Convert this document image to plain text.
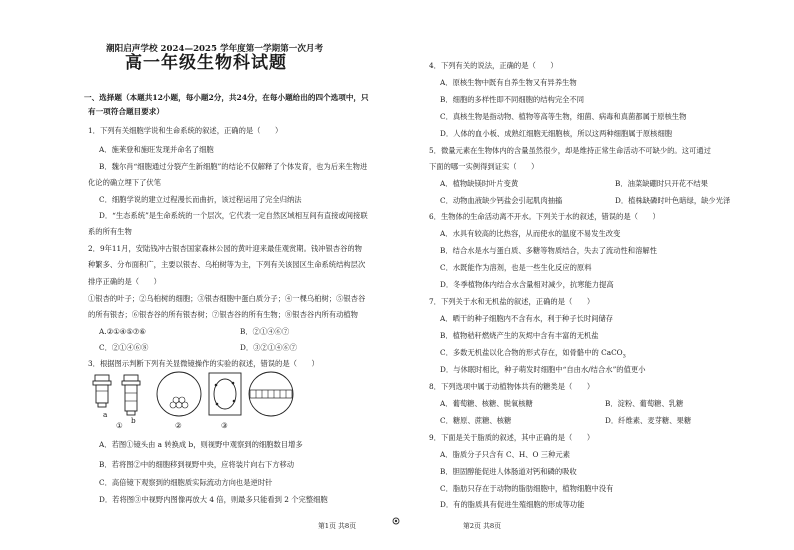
潮阳启声学校 2024—2025 学年度第一学期第一次月考
高一年级生物科试题
一、选择题（本题共12小题，每小题2分，共24分，在每小题给出的四个选项中，只
有一项符合题目要求）
1．下列有关细胞学说和生命系统的叙述，正确的是（　　）
A．施莱登和施旺发现并命名了细胞
B．魏尔肖“细胞通过分裂产生新细胞”的结论不仅解释了个体发育，也为后来生物进
化论的确立埋下了伏笔
C．细胞学说的建立过程漫长而曲折，该过程运用了完全归纳法
D．“生态系统”是生命系统的一个层次，它代表一定自然区域相互间有直接或间接联
系的所有生物
2．9年11月，安陆钱冲古银杏国家森林公园的黄叶迎来最佳观赏期。钱冲银杏谷的物
种繁多、分布面积广，主要以银杏、乌桕树等为主，下列有关该园区生命系统结构层次
排序正确的是（　　）
①银杏的叶子；②乌桕树的细胞；③银杏细胞中蛋白质分子；④一棵乌桕树；⑤银杏谷
的所有银杏；⑥银杏谷的所有银杏树；⑦银杏谷的所有生物；⑧银杏谷内所有动植物
A.②①④⑤⑦⑥	B．②①④⑥⑦
C．②①④⑥⑧	D．③②①④⑥⑦
3．根据图示判断下列有关显微镜操作的实验的叙述，错误的是（　　）
a
b
①	②	③
A．若图①镜头由 a 转换成 b，则视野中观察到的细胞数目增多
B．若将图②中的细胞移到视野中央，应将装片向右下方移动
C．高倍镜下观察到的细胞质实际流动方向也是逆时针
D．若将图③中视野内图像再放大 4 倍，则最多只能看到 2 个完整细胞
第1页 共8页
4．下列有关的说法，正确的是（　　）
A．原核生物中既有自养生物又有异养生物
B．细胞的多样性即不同细胞的结构完全不同
C．真核生物是指动物、植物等高等生物，细菌、病毒和真菌都属于原核生物
D．人体的血小板、成熟红细胞无细胞核，所以这两种细胞属于原核细胞
5．微量元素在生物体内的含量虽然很少，却是维持正常生命活动不可缺少的。这可通过
下面的哪一实例得到证实（　　）
A．植物缺镁时叶片变黄	B．油菜缺硼时只开花不结果
C．动物血液缺少钙盐会引起肌肉抽搐	D．植株缺磷时叶色暗绿，缺少光泽
6．生物体的生命活动离不开水。下列关于水的叙述，错误的是（　　）
A．水具有较高的比热容，从而使水的温度不易发生改变
B．结合水是水与蛋白质、多糖等物质结合，失去了流动性和溶解性
C．水既能作为溶剂，也是一些生化反应的原料
D．冬季植物体内结合水含量相对减少，抗寒能力提高
7．下列关于水和无机盐的叙述，正确的是（　　）
A．晒干的种子细胞内不含有水，利于种子长时间储存
B．植物秸秆燃烧产生的灰烬中含有丰富的无机盐
C．多数无机盐以化合物的形式存在，如骨骼中的 CaCO$_3$
D．与休眠时相比，种子萌发时细胞中“自由水/结合水”的值更小
8．下列选项中属于动植物体共有的糖类是（　　）
A．葡萄糖、核糖、脱氧核糖	B．淀粉、葡萄糖、乳糖
C．糖原、蔗糖、核糖	D．纤维素、麦芽糖、果糖
9．下面是关于脂质的叙述，其中正确的是（　　）
A．脂质分子只含有 C、H、O 三种元素
B．胆固醇能促进人体肠道对钙和磷的吸收
C．脂肪只存在于动物的脂肪细胞中，植物细胞中没有
D．有的脂质具有促进生殖细胞的形成等功能
第2页 共8页
